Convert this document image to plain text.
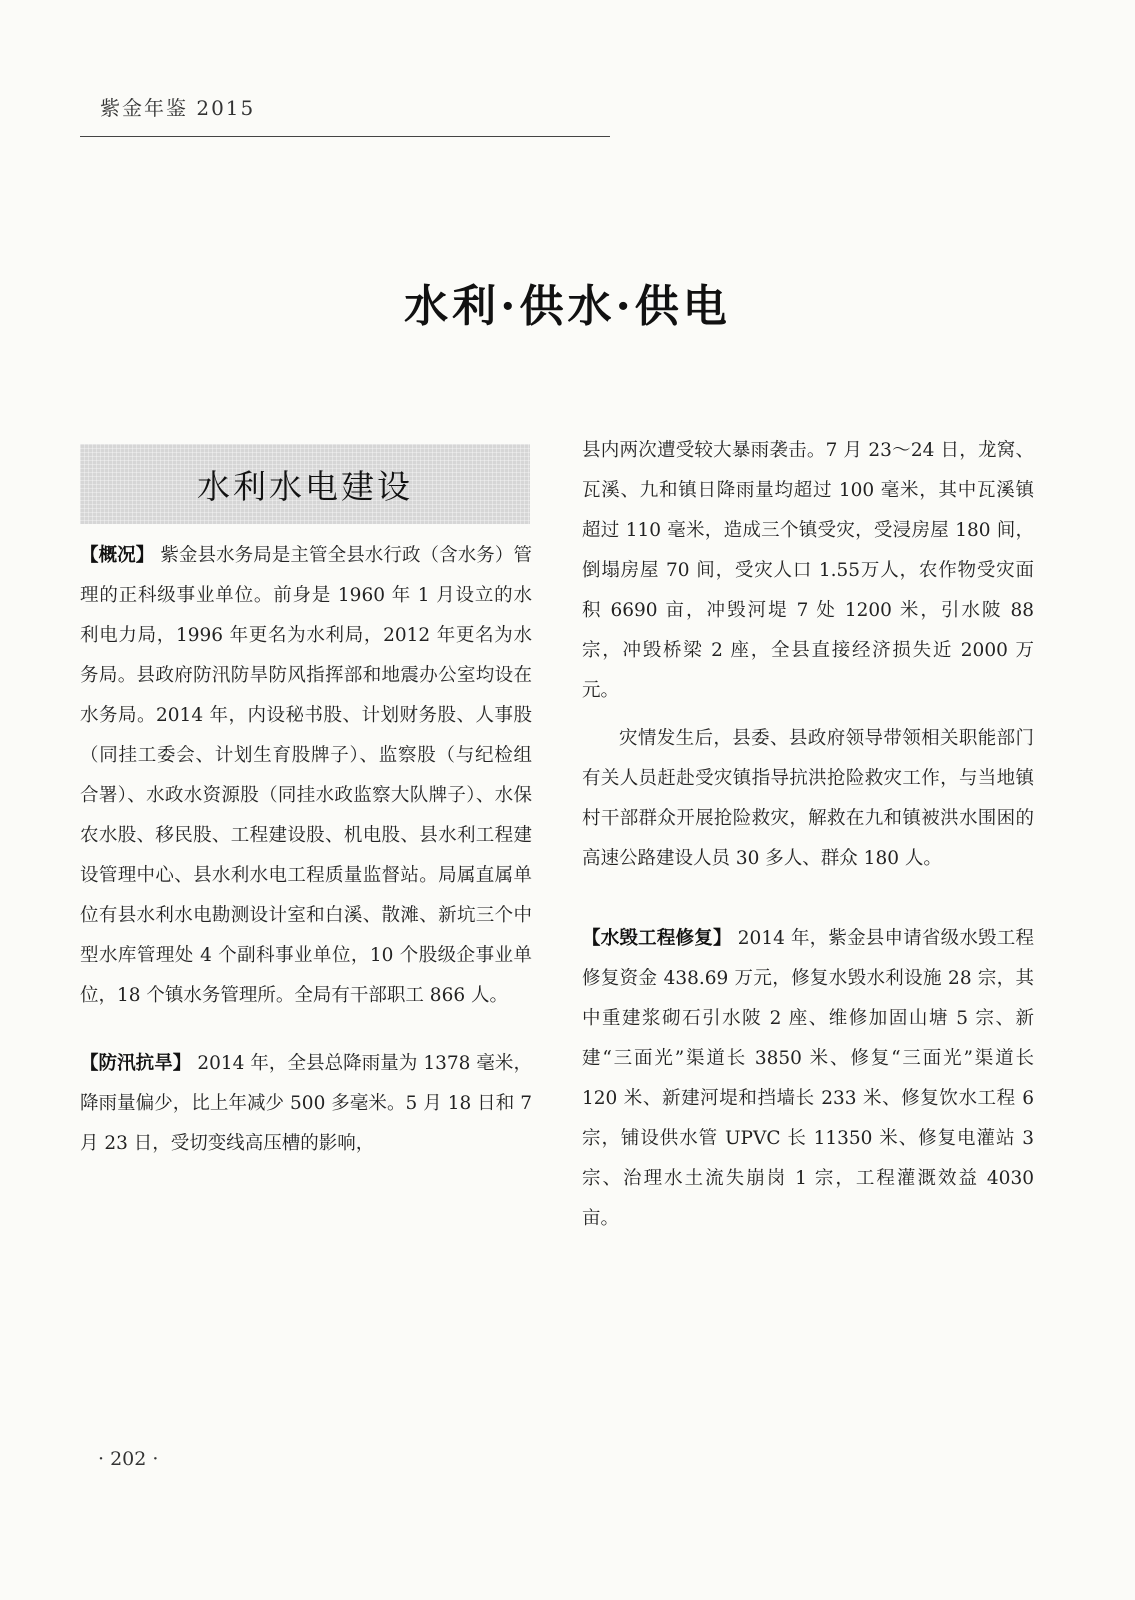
紫金年鉴 2015
水利·供水·供电
水利水电建设

【概况】 紫金县水务局是主管全县水行政（含水务）管理的正科级事业单位。前身是 1960 年 1 月设立的水利电力局，1996 年更名为水利局，2012 年更名为水务局。县政府防汛防旱防风指挥部和地震办公室均设在水务局。2014 年，内设秘书股、计划财务股、人事股（同挂工委会、计划生育股牌子）、监察股（与纪检组合署）、水政水资源股（同挂水政监察大队牌子）、水保农水股、移民股、工程建设股、机电股、县水利工程建设管理中心、县水利水电工程质量监督站。局属直属单位有县水利水电勘测设计室和白溪、散滩、新坑三个中型水库管理处 4 个副科事业单位，10 个股级企事业单位，18 个镇水务管理所。全局有干部职工 866 人。

【防汛抗旱】 2014 年，全县总降雨量为 1378 毫米，降雨量偏少，比上年减少 500 多毫米。5 月 18 日和 7 月 23 日，受切变线高压槽的影响，

县内两次遭受较大暴雨袭击。7 月 23～24 日，龙窝、瓦溪、九和镇日降雨量均超过 100 毫米，其中瓦溪镇超过 110 毫米，造成三个镇受灾，受浸房屋 180 间，倒塌房屋 70 间，受灾人口 1.55万人，农作物受灾面积 6690 亩，冲毁河堤 7 处 1200 米，引水陂 88 宗，冲毁桥梁 2 座，全县直接经济损失近 2000 万元。

灾情发生后，县委、县政府领导带领相关职能部门有关人员赶赴受灾镇指导抗洪抢险救灾工作，与当地镇村干部群众开展抢险救灾，解救在九和镇被洪水围困的高速公路建设人员 30 多人、群众 180 人。

【水毁工程修复】 2014 年，紫金县申请省级水毁工程修复资金 438.69 万元，修复水毁水利设施 28 宗，其中重建浆砌石引水陂 2 座、维修加固山塘 5 宗、新建“三面光”渠道长 3850 米、修复“三面光”渠道长 120 米、新建河堤和挡墙长 233 米、修复饮水工程 6 宗，铺设供水管 UPVC 长 11350 米、修复电灌站 3 宗、治理水土流失崩岗 1 宗，工程灌溉效益 4030 亩。

· 202 ·
